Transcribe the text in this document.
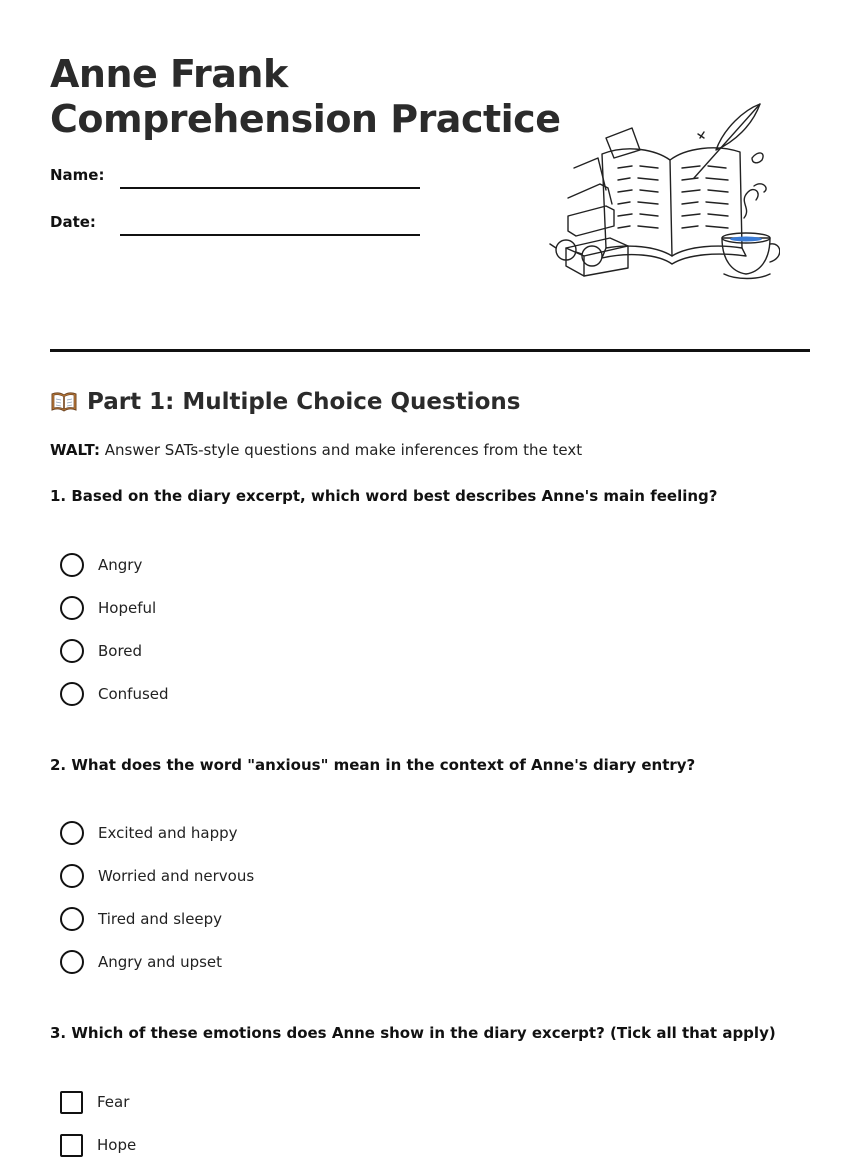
Anne Frank
Comprehension Practice
Name:
Date:
Part 1: Multiple Choice Questions
WALT: Answer SATs-style questions and make inferences from the text
1. Based on the diary excerpt, which word best describes Anne's main feeling?
Angry
Hopeful
Bored
Confused
2. What does the word "anxious" mean in the context of Anne's diary entry?
Excited and happy
Worried and nervous
Tired and sleepy
Angry and upset
3. Which of these emotions does Anne show in the diary excerpt? (Tick all that apply)
Fear
Hope
